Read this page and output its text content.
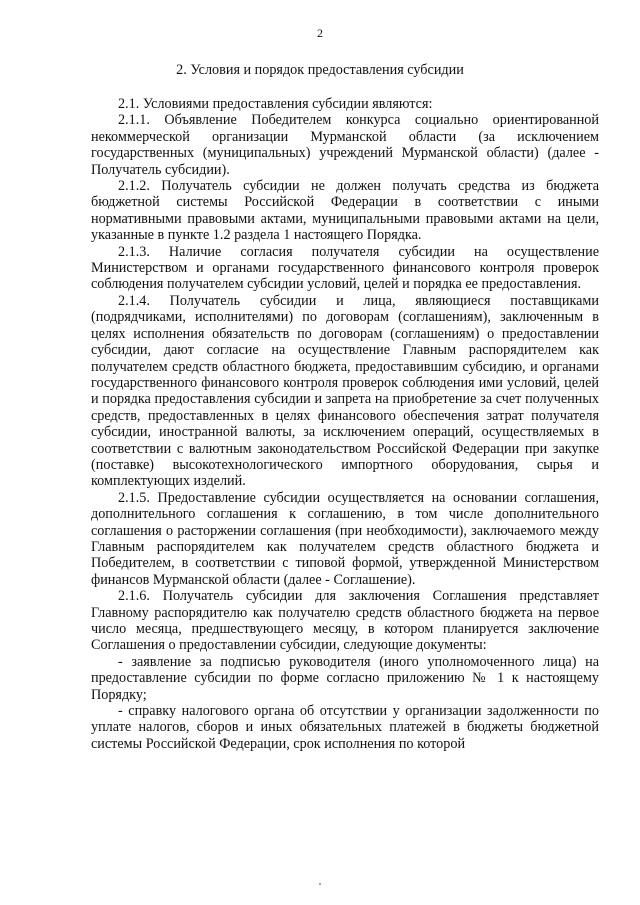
2
2. Условия и порядок предоставления субсидии

2.1. Условиями предоставления субсидии являются:

2.1.1. Объявление Победителем конкурса социально ориентированной некоммерческой организации Мурманской области (за исключением государственных (муниципальных) учреждений Мурманской области) (далее - Получатель субсидии).

2.1.2. Получатель субсидии не должен получать средства из бюджета бюджетной системы Российской Федерации в соответствии с иными нормативными правовыми актами, муниципальными правовыми актами на цели, указанные в пункте 1.2 раздела 1 настоящего Порядка.

2.1.3. Наличие согласия получателя субсидии на осуществление Министерством и органами государственного финансового контроля проверок соблюдения получателем субсидии условий, целей и порядка ее предоставления.

2.1.4. Получатель субсидии и лица, являющиеся поставщиками (подрядчиками, исполнителями) по договорам (соглашениям), заключенным в целях исполнения обязательств по договорам (соглашениям) о предоставлении субсидии, дают согласие на осуществление Главным распорядителем как получателем средств областного бюджета, предоставившим субсидию, и органами государственного финансового контроля проверок соблюдения ими условий, целей и порядка предоставления субсидии и запрета на приобретение за счет полученных средств, предоставленных в целях финансового обеспечения затрат получателя субсидии, иностранной валюты, за исключением операций, осуществляемых в соответствии с валютным законодательством Российской Федерации при закупке (поставке) высокотехнологического импортного оборудования, сырья и комплектующих изделий.

2.1.5. Предоставление субсидии осуществляется на основании соглашения, дополнительного соглашения к соглашению, в том числе дополнительного соглашения о расторжении соглашения (при необходимости), заключаемого между Главным распорядителем как получателем средств областного бюджета и Победителем, в соответствии с типовой формой, утвержденной Министерством финансов Мурманской области (далее - Соглашение).

2.1.6. Получатель субсидии для заключения Соглашения представляет Главному распорядителю как получателю средств областного бюджета на первое число месяца, предшествующего месяцу, в котором планируется заключение Соглашения о предоставлении субсидии, следующие документы:

- заявление за подписью руководителя (иного уполномоченного лица) на предоставление субсидии по форме согласно приложению № 1 к настоящему Порядку;

- справку налогового органа об отсутствии у организации задолженности по уплате налогов, сборов и иных обязательных платежей в бюджеты бюджетной системы Российской Федерации, срок исполнения по которой
